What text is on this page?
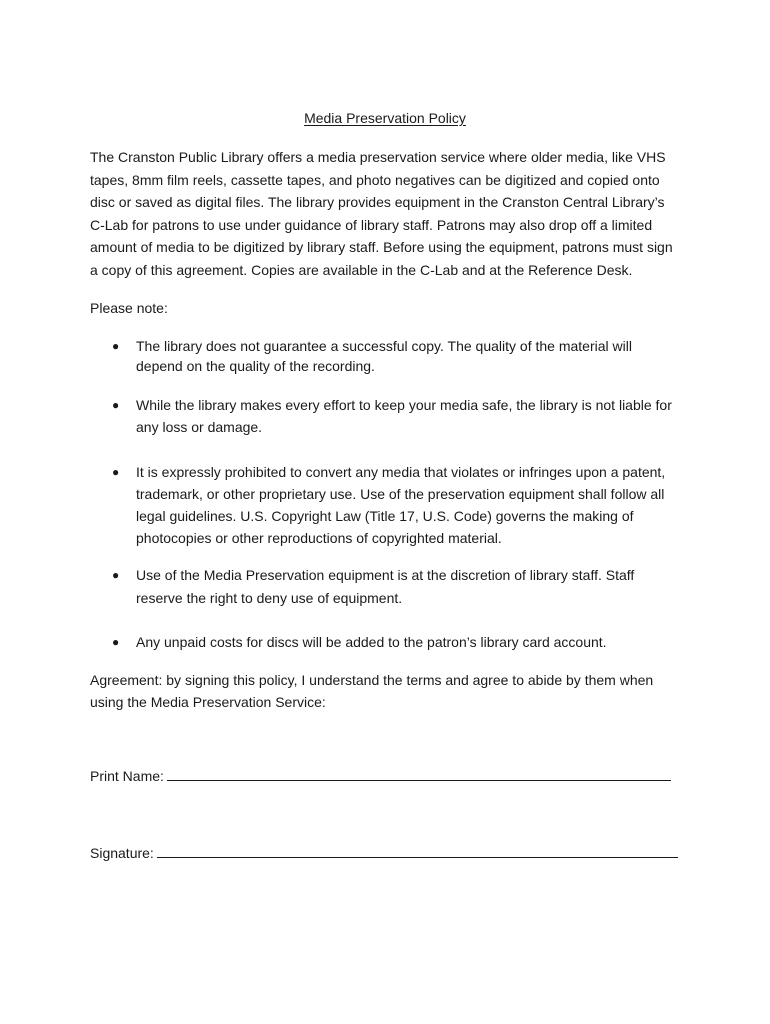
Media Preservation Policy

The Cranston Public Library offers a media preservation service where older media, like VHS tapes, 8mm film reels, cassette tapes, and photo negatives can be digitized and copied onto disc or saved as digital files. The library provides equipment in the Cranston Central Library’s C-Lab for patrons to use under guidance of library staff. Patrons may also drop off a limited amount of media to be digitized by library staff. Before using the equipment, patrons must sign a copy of this agreement. Copies are available in the C-Lab and at the Reference Desk.

Please note:

●	The library does not guarantee a successful copy. The quality of the material will depend on the quality of the recording.
●	While the library makes every effort to keep your media safe, the library is not liable for any loss or damage.
●	It is expressly prohibited to convert any media that violates or infringes upon a patent, trademark, or other proprietary use. Use of the preservation equipment shall follow all legal guidelines. U.S. Copyright Law (Title 17, U.S. Code) governs the making of photocopies or other reproductions of copyrighted material.
●	Use of the Media Preservation equipment is at the discretion of library staff. Staff reserve the right to deny use of equipment.
●	Any unpaid costs for discs will be added to the patron’s library card account.

Agreement: by signing this policy, I understand the terms and agree to abide by them when using the Media Preservation Service:

Print Name:
Signature:
